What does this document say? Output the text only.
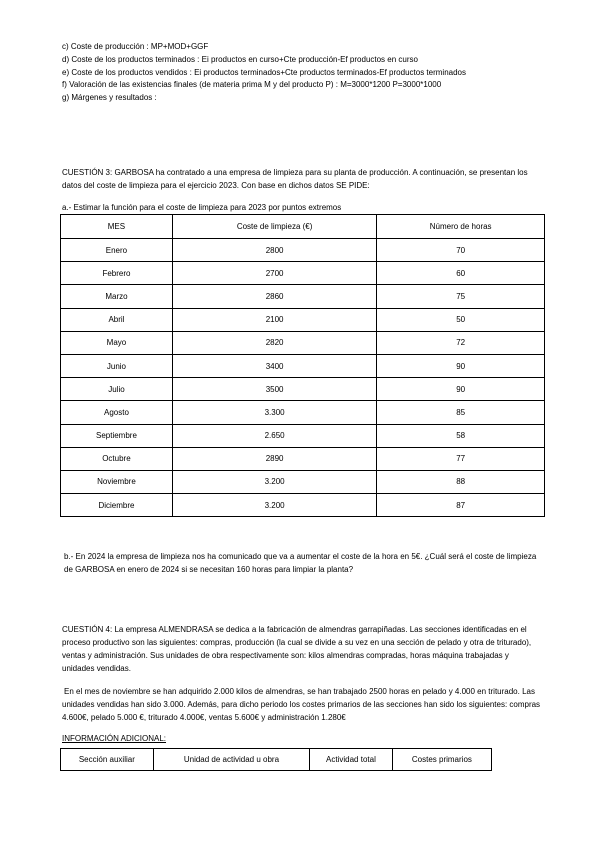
c) Coste de producción : MP+MOD+GGF
d) Coste de los productos terminados : Ei productos en curso+Cte producción-Ef productos en curso
e) Coste de los productos vendidos : Ei productos terminados+Cte productos terminados-Ef productos terminados
f) Valoración de las existencias finales (de materia prima M y del producto P) : M=3000*1200 P=3000*1000
g) Márgenes y resultados :
CUESTIÓN 3: GARBOSA ha contratado a una empresa de limpieza para su planta de producción. A continuación, se presentan los datos del coste de limpieza para el ejercicio 2023. Con base en dichos datos SE PIDE:
a.- Estimar la función para el coste de limpieza para 2023 por puntos extremos
MES	Coste de limpieza (€)	Número de horas
Enero	2800	70
Febrero	2700	60
Marzo	2860	75
Abril	2100	50
Mayo	2820	72
Junio	3400	90
Julio	3500	90
Agosto	3.300	85
Septiembre	2.650	58
Octubre	2890	77
Noviembre	3.200	88
Diciembre	3.200	87
b.- En 2024 la empresa de limpieza nos ha comunicado que va a aumentar el coste de la hora en 5€. ¿Cuál será el coste de limpieza de GARBOSA en enero de 2024 si se necesitan 160 horas para limpiar la planta?
CUESTIÓN 4: La empresa ALMENDRASA se dedica a la fabricación de almendras garrapiñadas. Las secciones identificadas en el proceso productivo son las siguientes: compras, producción (la cual se divide a su vez en una sección de pelado y otra de triturado), ventas y administración. Sus unidades de obra respectivamente son: kilos almendras compradas, horas máquina trabajadas y unidades vendidas.
En el mes de noviembre se han adquirido 2.000 kilos de almendras, se han trabajado 2500 horas en pelado y 4.000 en triturado. Las unidades vendidas han sido 3.000. Además, para dicho periodo los costes primarios de las secciones han sido los siguientes: compras 4.600€, pelado 5.000 €, triturado 4.000€, ventas 5.600€ y administración 1.280€
INFORMACIÓN ADICIONAL:
Sección auxiliar	Unidad de actividad u obra	Actividad total	Costes primarios
